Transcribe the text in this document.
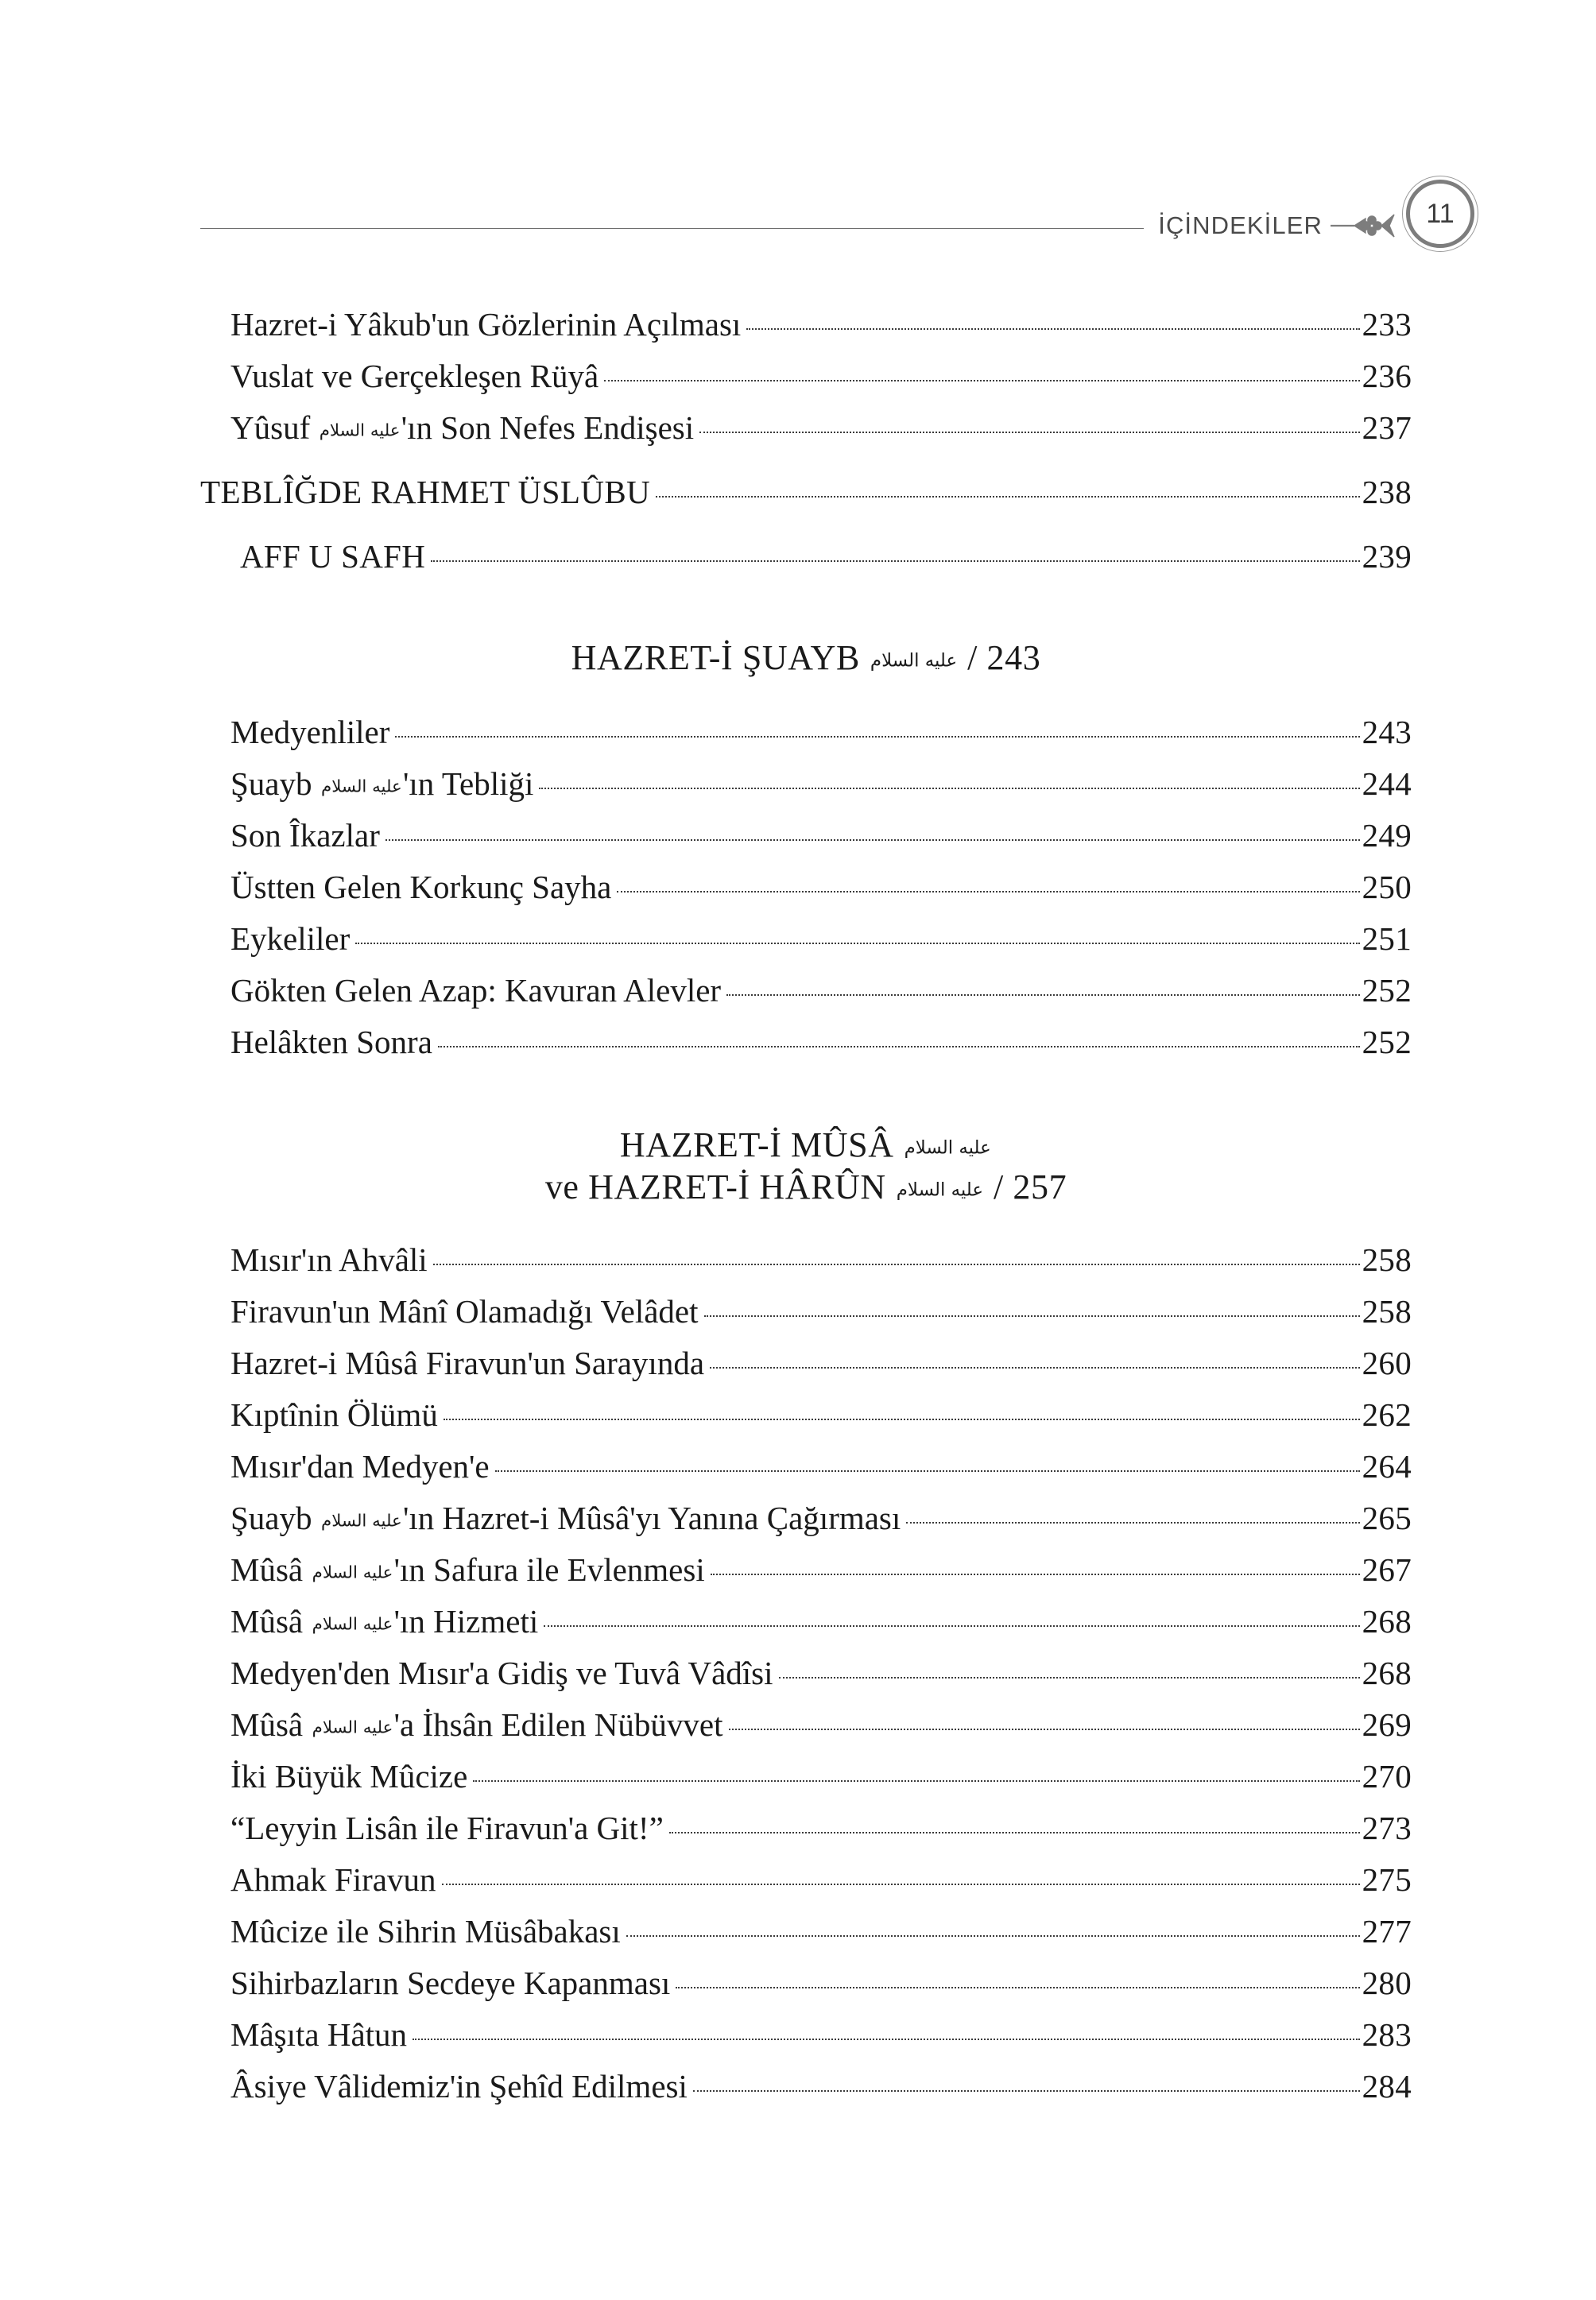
İÇİNDEKİLER	11
Hazret-i Yâkub'un Gözlerinin Açılması	233
Vuslat ve Gerçekleşen Rüyâ	236
Yûsuf عليه السلام'ın Son Nefes Endişesi	237
TEBLÎĞDE RAHMET ÜSLÛBU	238
AFF U SAFH	239
HAZRET-İ ŞUAYB عليه السلام / 243
Medyenliler	243
Şuayb عليه السلام'ın Tebliği	244
Son Îkazlar	249
Üstten Gelen Korkunç Sayha	250
Eykeliler	251
Gökten Gelen Azap: Kavuran Alevler	252
Helâkten Sonra	252
HAZRET-İ MÛSÂ عليه السلام
ve HAZRET-İ HÂRÛN عليه السلام / 257
Mısır'ın Ahvâli	258
Firavun'un Mânî Olamadığı Velâdet	258
Hazret-i Mûsâ Firavun'un Sarayında	260
Kıptînin Ölümü	262
Mısır'dan Medyen'e	264
Şuayb عليه السلام'ın Hazret-i Mûsâ'yı Yanına Çağırması	265
Mûsâ عليه السلام'ın Safura ile Evlenmesi	267
Mûsâ عليه السلام'ın Hizmeti	268
Medyen'den Mısır'a Gidiş ve Tuvâ Vâdîsi	268
Mûsâ عليه السلام'a İhsân Edilen Nübüvvet	269
İki Büyük Mûcize	270
“Leyyin Lisân ile Firavun'a Git!”	273
Ahmak Firavun	275
Mûcize ile Sihrin Müsâbakası	277
Sihirbazların Secdeye Kapanması	280
Mâşıta Hâtun	283
Âsiye Vâlidemiz'in Şehîd Edilmesi	284
